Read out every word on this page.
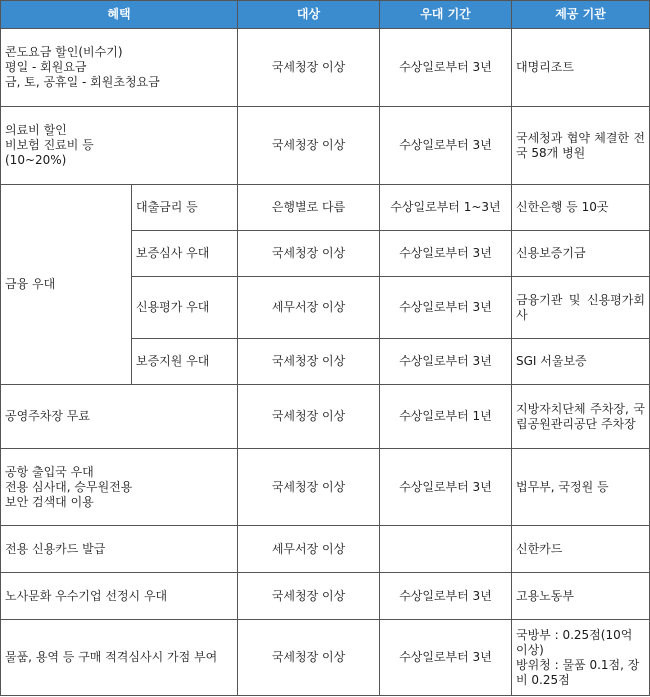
혜택		대상	우대 기간	제공 기관
콘도요금 할인(비수기)
평일 - 회원요금
금, 토, 공휴일 - 회원초청요금		국세청장 이상	수상일로부터 3년	대명리조트
의료비 할인
비보험 진료비 등
(10~20%)		국세청장 이상	수상일로부터 3년	국세청과 협약 체결한 전국 58개 병원
금융 우대	대출금리 등	은행별로 다름	수상일로부터 1~3년	신한은행 등 10곳
	보증심사 우대	국세청장 이상	수상일로부터 3년	신용보증기금
	신용평가 우대	세무서장 이상	수상일로부터 3년	금융기관 및 신용평가회사
	보증지원 우대	국세청장 이상	수상일로부터 3년	SGI 서울보증
공영주차장 무료		국세청장 이상	수상일로부터 1년	지방자치단체 주차장, 국립공원관리공단 주차장
공항 출입국 우대
전용 심사대, 승무원전용
보안 검색대 이용		국세청장 이상	수상일로부터 3년	법무부, 국정원 등
전용 신용카드 발급		세무서장 이상		신한카드
노사문화 우수기업 선정시 우대		국세청장 이상	수상일로부터 3년	고용노동부
물품, 용역 등 구매 적격심사시 가점 부여		국세청장 이상	수상일로부터 3년	국방부 : 0.25점(10억 이상)
방위청 : 물품 0.1점, 장비 0.25점
